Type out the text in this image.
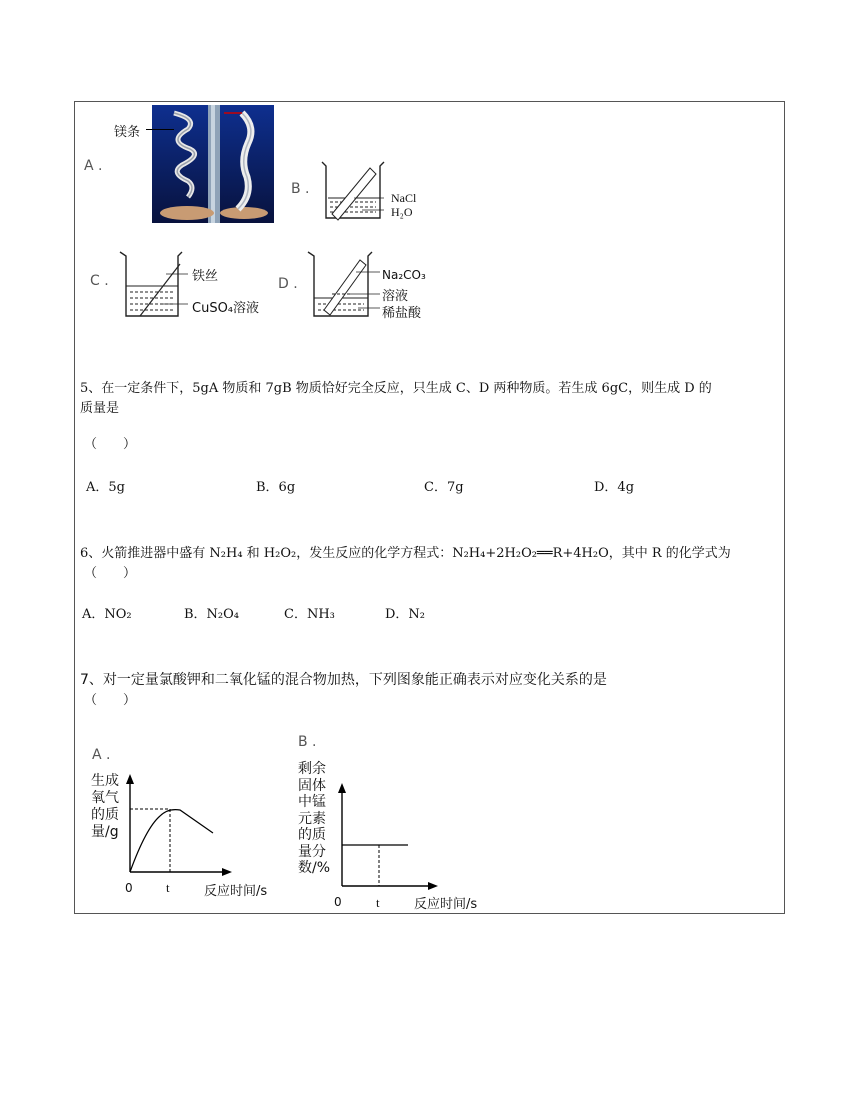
A .
镁条
B .
NaCl
H₂O
C .	铁丝
CuSO₄溶液
D .
Na₂CO₃
溶液
稀盐酸
5、在一定条件下，5gA 物质和 7gB 物质恰好完全反应，只生成 C、D 两种物质。若生成 6gC，则生成 D 的
质量是
（　　）
A．5g	B．6g	C．7g	D．4g
6、火箭推进器中盛有 N₂H₄ 和 H₂O₂，发生反应的化学方程式：N₂H₄+2H₂O₂══R+4H₂O，其中 R 的化学式为
（　　）
A．NO₂	B．N₂O₄	C．NH₃	D．N₂
7、对一定量氯酸钾和二氧化锰的混合物加热，下列图象能正确表示对应变化关系的是
（　　）
A .
生成
氧气
的质
量/g
0	t	反应时间/s
B .
剩余
固体
中锰
元素
的质
量分
数/%
0	t	反应时间/s
